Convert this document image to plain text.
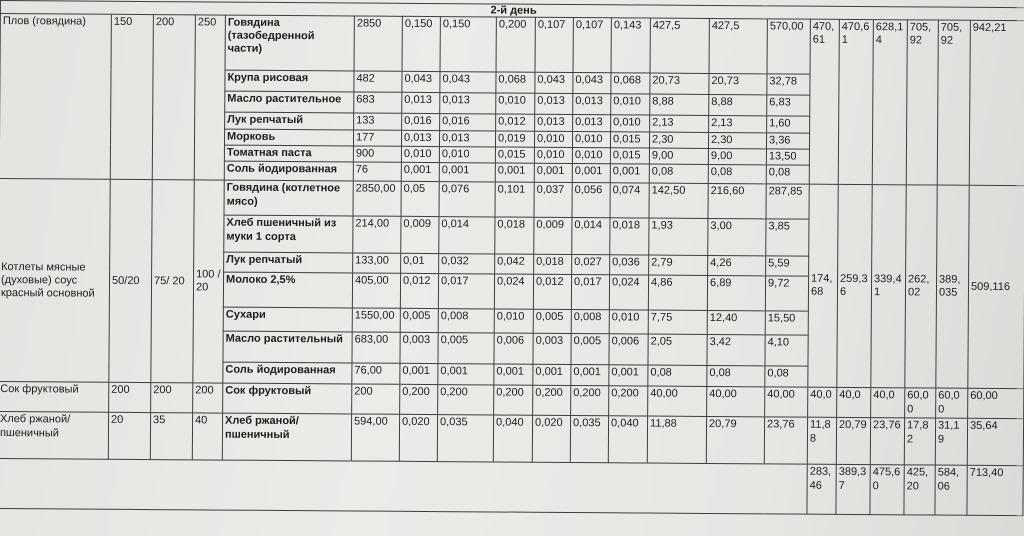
2-й день																				
Плов (говядина)	150	200	250	Говядина (тазобедренной части)	2850	0,150	0,150	0,200	0,107	0,107	0,143	427,5	427,5	570,00	470,61	470,61	628,14	705,92	705,92	942,21
				Крупа рисовая	482	0,043	0,043	0,068	0,043	0,043	0,068	20,73	20,73	32,78						
				Масло растительное	683	0,013	0,013	0,010	0,013	0,013	0,010	8,88	8,88	6,83						
				Лук репчатый	133	0,016	0,016	0,012	0,013	0,013	0,010	2,13	2,13	1,60						
				Морковь	177	0,013	0,013	0,019	0,010	0,010	0,015	2,30	2,30	3,36						
				Томатная паста	900	0,010	0,010	0,015	0,010	0,010	0,015	9,00	9,00	13,50						
				Соль йодированная	76	0,001	0,001	0,001	0,001	0,001	0,001	0,08	0,08	0,08						
Котлеты мясные (духовые) соус красный основной	50/20	75/ 20	100 /20	Говядина (котлетное мясо)	2850,00	0,05	0,076	0,101	0,037	0,056	0,074	142,50	216,60	287,85	174,68	259,36	339,41	262,02	389,035	509,116
				Хлеб пшеничный из муки 1 сорта	214,00	0,009	0,014	0,018	0,009	0,014	0,018	1,93	3,00	3,85						
				Лук репчатый	133,00	0,01	0,032	0,042	0,018	0,027	0,036	2,79	4,26	5,59						
				Молоко 2,5%	405,00	0,012	0,017	0,024	0,012	0,017	0,024	4,86	6,89	9,72						
				Сухари	1550,00	0,005	0,008	0,010	0,005	0,008	0,010	7,75	12,40	15,50						
				Масло растительный	683,00	0,003	0,005	0,006	0,003	0,005	0,006	2,05	3,42	4,10						
				Соль йодированная	76,00	0,001	0,001	0,001	0,001	0,001	0,001	0,08	0,08	0,08						
Сок фруктовый	200	200	200	Сок фруктовый	200	0,200	0,200	0,200	0,200	0,200	0,200	40,00	40,00	40,00	40,0	40,0	40,0	60,00	60,00	60,00
Хлеб ржаной/пшеничный	20	35	40	Хлеб ржаной/пшеничный	594,00	0,020	0,035	0,040	0,020	0,035	0,040	11,88	20,79	23,76	11,88	20,79	23,76	17,82	31,19	35,64
															283,46	389,37	475,60	425,20	584,06	713,40
